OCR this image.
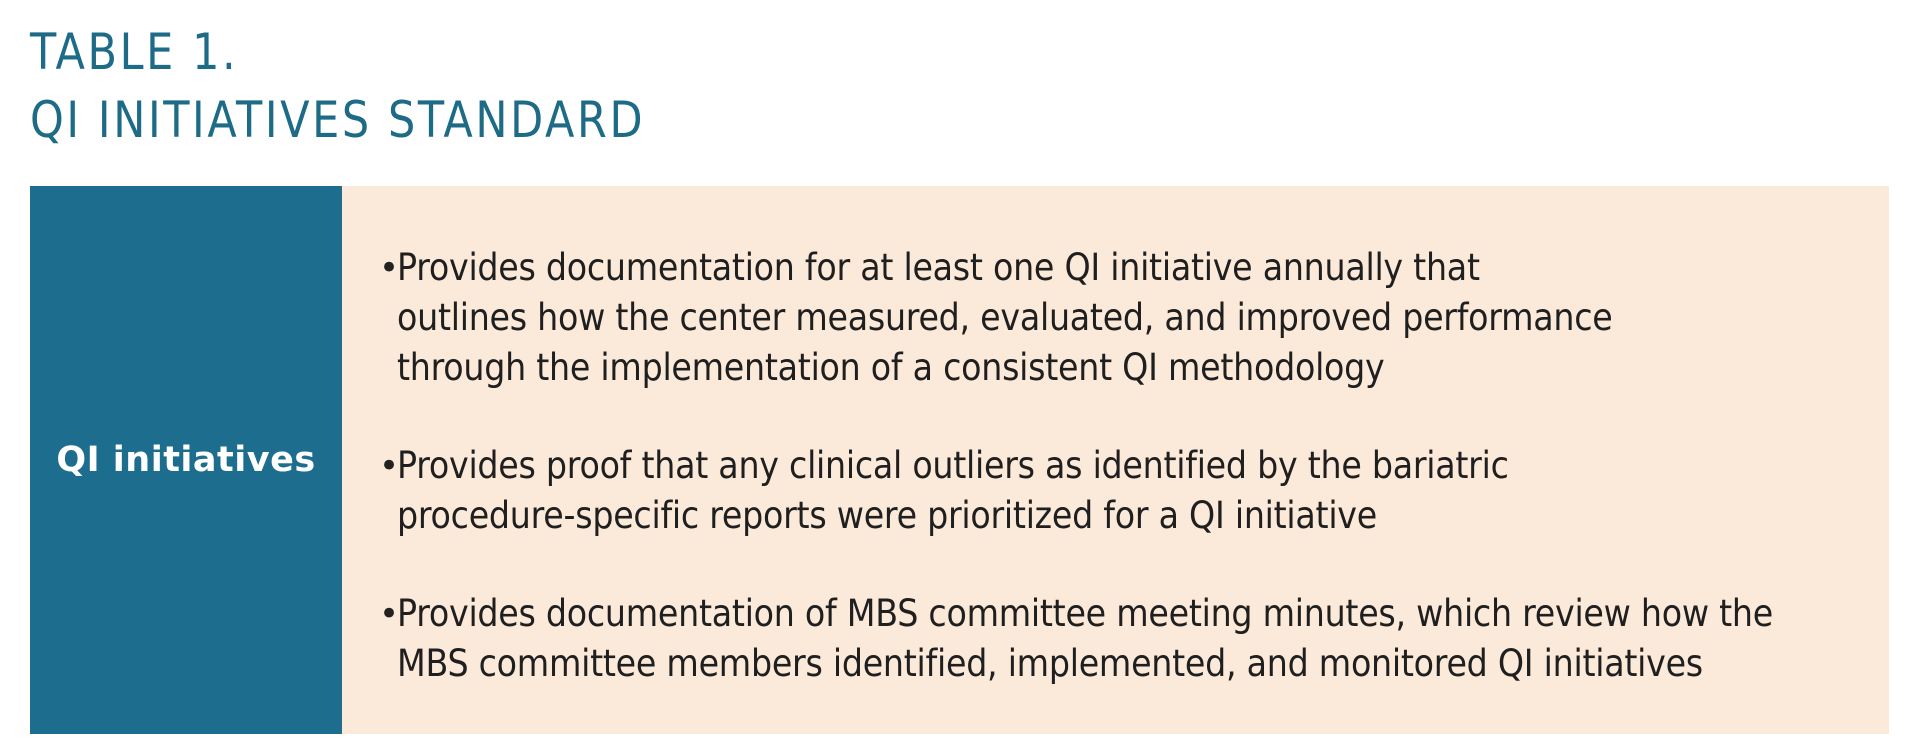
TABLE 1.
QI INITIATIVES STANDARD
QI initiatives
•
Provides documentation for at least one QI initiative annually that
outlines how the center measured, evaluated, and improved performance
through the implementation of a consistent QI methodology
•
Provides proof that any clinical outliers as identified by the bariatric
procedure-specific reports were prioritized for a QI initiative
•
Provides documentation of MBS committee meeting minutes, which review how the
MBS committee members identified, implemented, and monitored QI initiatives
